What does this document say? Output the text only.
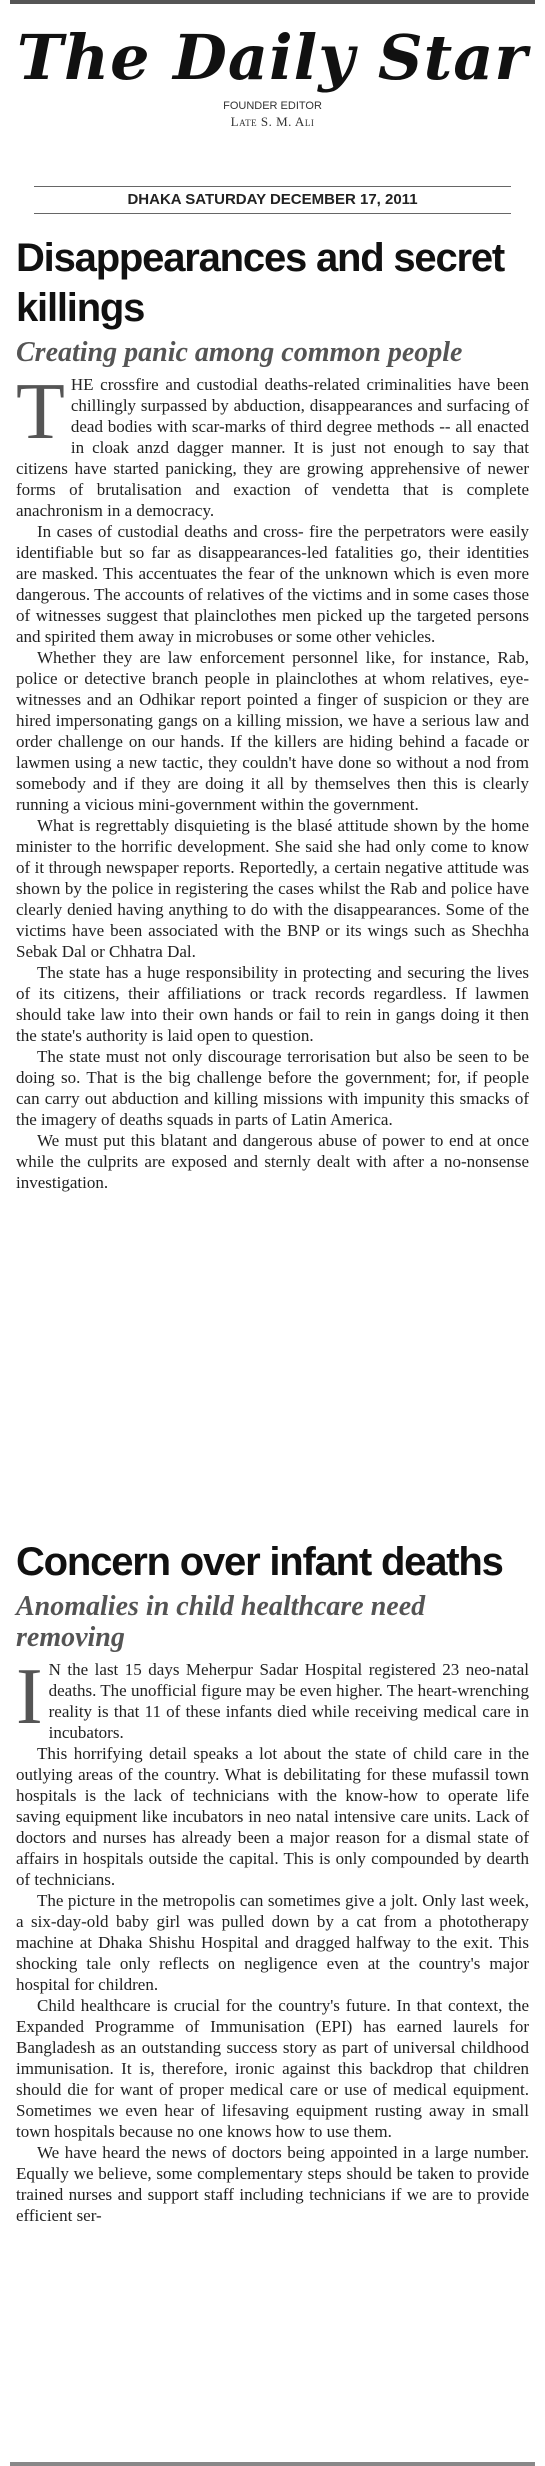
The Daily Star
FOUNDER EDITOR
Late S. M. Ali
DHAKA SATURDAY DECEMBER 17, 2011
Disappearances and secret killings
Creating panic among common people

THE crossfire and custodial deaths-related criminalities have been chillingly surpassed by abduction, disappearances and surfacing of dead bodies with scar-marks of third degree methods -- all enacted in cloak anzd dagger manner. It is just not enough to say that citizens have started panicking, they are growing apprehensive of newer forms of brutalisation and exaction of vendetta that is complete anachronism in a democracy.

In cases of custodial deaths and cross- fire the perpetrators were easily identifiable but so far as disappearances-led fatalities go, their identities are masked. This accentuates the fear of the unknown which is even more dangerous. The accounts of relatives of the victims and in some cases those of witnesses suggest that plainclothes men picked up the targeted persons and spirited them away in microbuses or some other vehicles.

Whether they are law enforcement personnel like, for instance, Rab, police or detective branch people in plainclothes at whom relatives, eye-witnesses and an Odhikar report pointed a finger of suspicion or they are hired impersonating gangs on a killing mission, we have a serious law and order challenge on our hands. If the killers are hiding behind a facade or lawmen using a new tactic, they couldn't have done so without a nod from somebody and if they are doing it all by themselves then this is clearly running a vicious mini-government within the government.

What is regrettably disquieting is the blasé attitude shown by the home minister to the horrific development. She said she had only come to know of it through newspaper reports. Reportedly, a certain negative attitude was shown by the police in registering the cases whilst the Rab and police have clearly denied having anything to do with the disappearances. Some of the victims have been associated with the BNP or its wings such as Shechha Sebak Dal or Chhatra Dal.

The state has a huge responsibility in protecting and securing the lives of its citizens, their affiliations or track records regardless. If lawmen should take law into their own hands or fail to rein in gangs doing it then the state's authority is laid open to question.

The state must not only discourage terrorisation but also be seen to be doing so. That is the big challenge before the government; for, if people can carry out abduction and killing missions with impunity this smacks of the imagery of deaths squads in parts of Latin America.

We must put this blatant and dangerous abuse of power to end at once while the culprits are exposed and sternly dealt with after a no-nonsense investigation.

Concern over infant deaths
Anomalies in child healthcare need removing

I N the last 15 days Meherpur Sadar Hospital registered 23 neo-natal deaths. The unofficial figure may be even higher. The heart-wrenching reality is that 11 of these infants died while receiving medical care in incubators.

This horrifying detail speaks a lot about the state of child care in the outlying areas of the country. What is debilitating for these mufassil town hospitals is the lack of technicians with the know-how to operate life saving equipment like incubators in neo natal intensive care units. Lack of doctors and nurses has already been a major reason for a dismal state of affairs in hospitals outside the capital. This is only compounded by dearth of technicians.

The picture in the metropolis can sometimes give a jolt. Only last week, a six-day-old baby girl was pulled down by a cat from a phototherapy machine at Dhaka Shishu Hospital and dragged halfway to the exit. This shocking tale only reflects on negligence even at the country's major hospital for children.

Child healthcare is crucial for the country's future. In that context, the Expanded Programme of Immunisation (EPI) has earned laurels for Bangladesh as an outstanding success story as part of universal childhood immunisation. It is, therefore, ironic against this backdrop that children should die for want of proper medical care or use of medical equipment. Sometimes we even hear of lifesaving equipment rusting away in small town hospitals because no one knows how to use them.

We have heard the news of doctors being appointed in a large number. Equally we believe, some complementary steps should be taken to provide trained nurses and support staff including technicians if we are to provide efficient ser-
